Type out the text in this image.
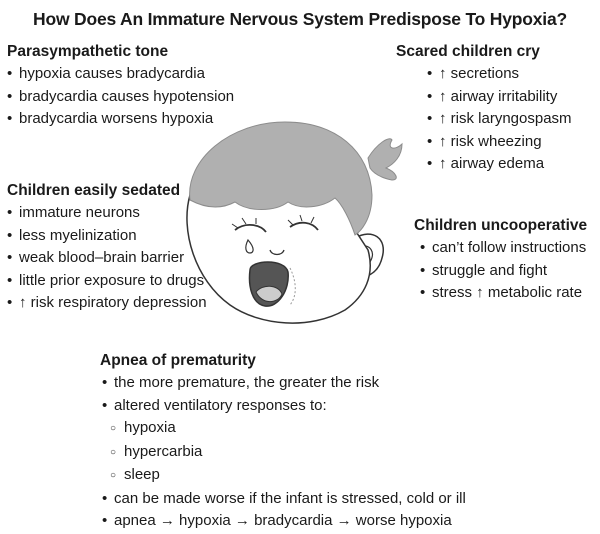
How Does An Immature Nervous System Predispose To Hypoxia?
Parasympathetic tone
• hypoxia causes bradycardia
• bradycardia causes hypotension
• bradycardia worsens hypoxia
Children easily sedated
• immature neurons
• less myelinization
• weak blood–brain barrier
• little prior exposure to drugs
• ↑ risk respiratory depression
Scared children cry
• ↑ secretions
• ↑ airway irritability
• ↑ risk laryngospasm
• ↑ risk wheezing
• ↑ airway edema
Children uncooperative
• can’t follow instructions
• struggle and fight
• stress ↑ metabolic rate
Apnea of prematurity
• the more premature, the greater the risk
• altered ventilatory responses to:
○ hypoxia
○ hypercarbia
○ sleep
• can be made worse if the infant is stressed, cold or ill
• apnea → hypoxia → bradycardia → worse hypoxia
